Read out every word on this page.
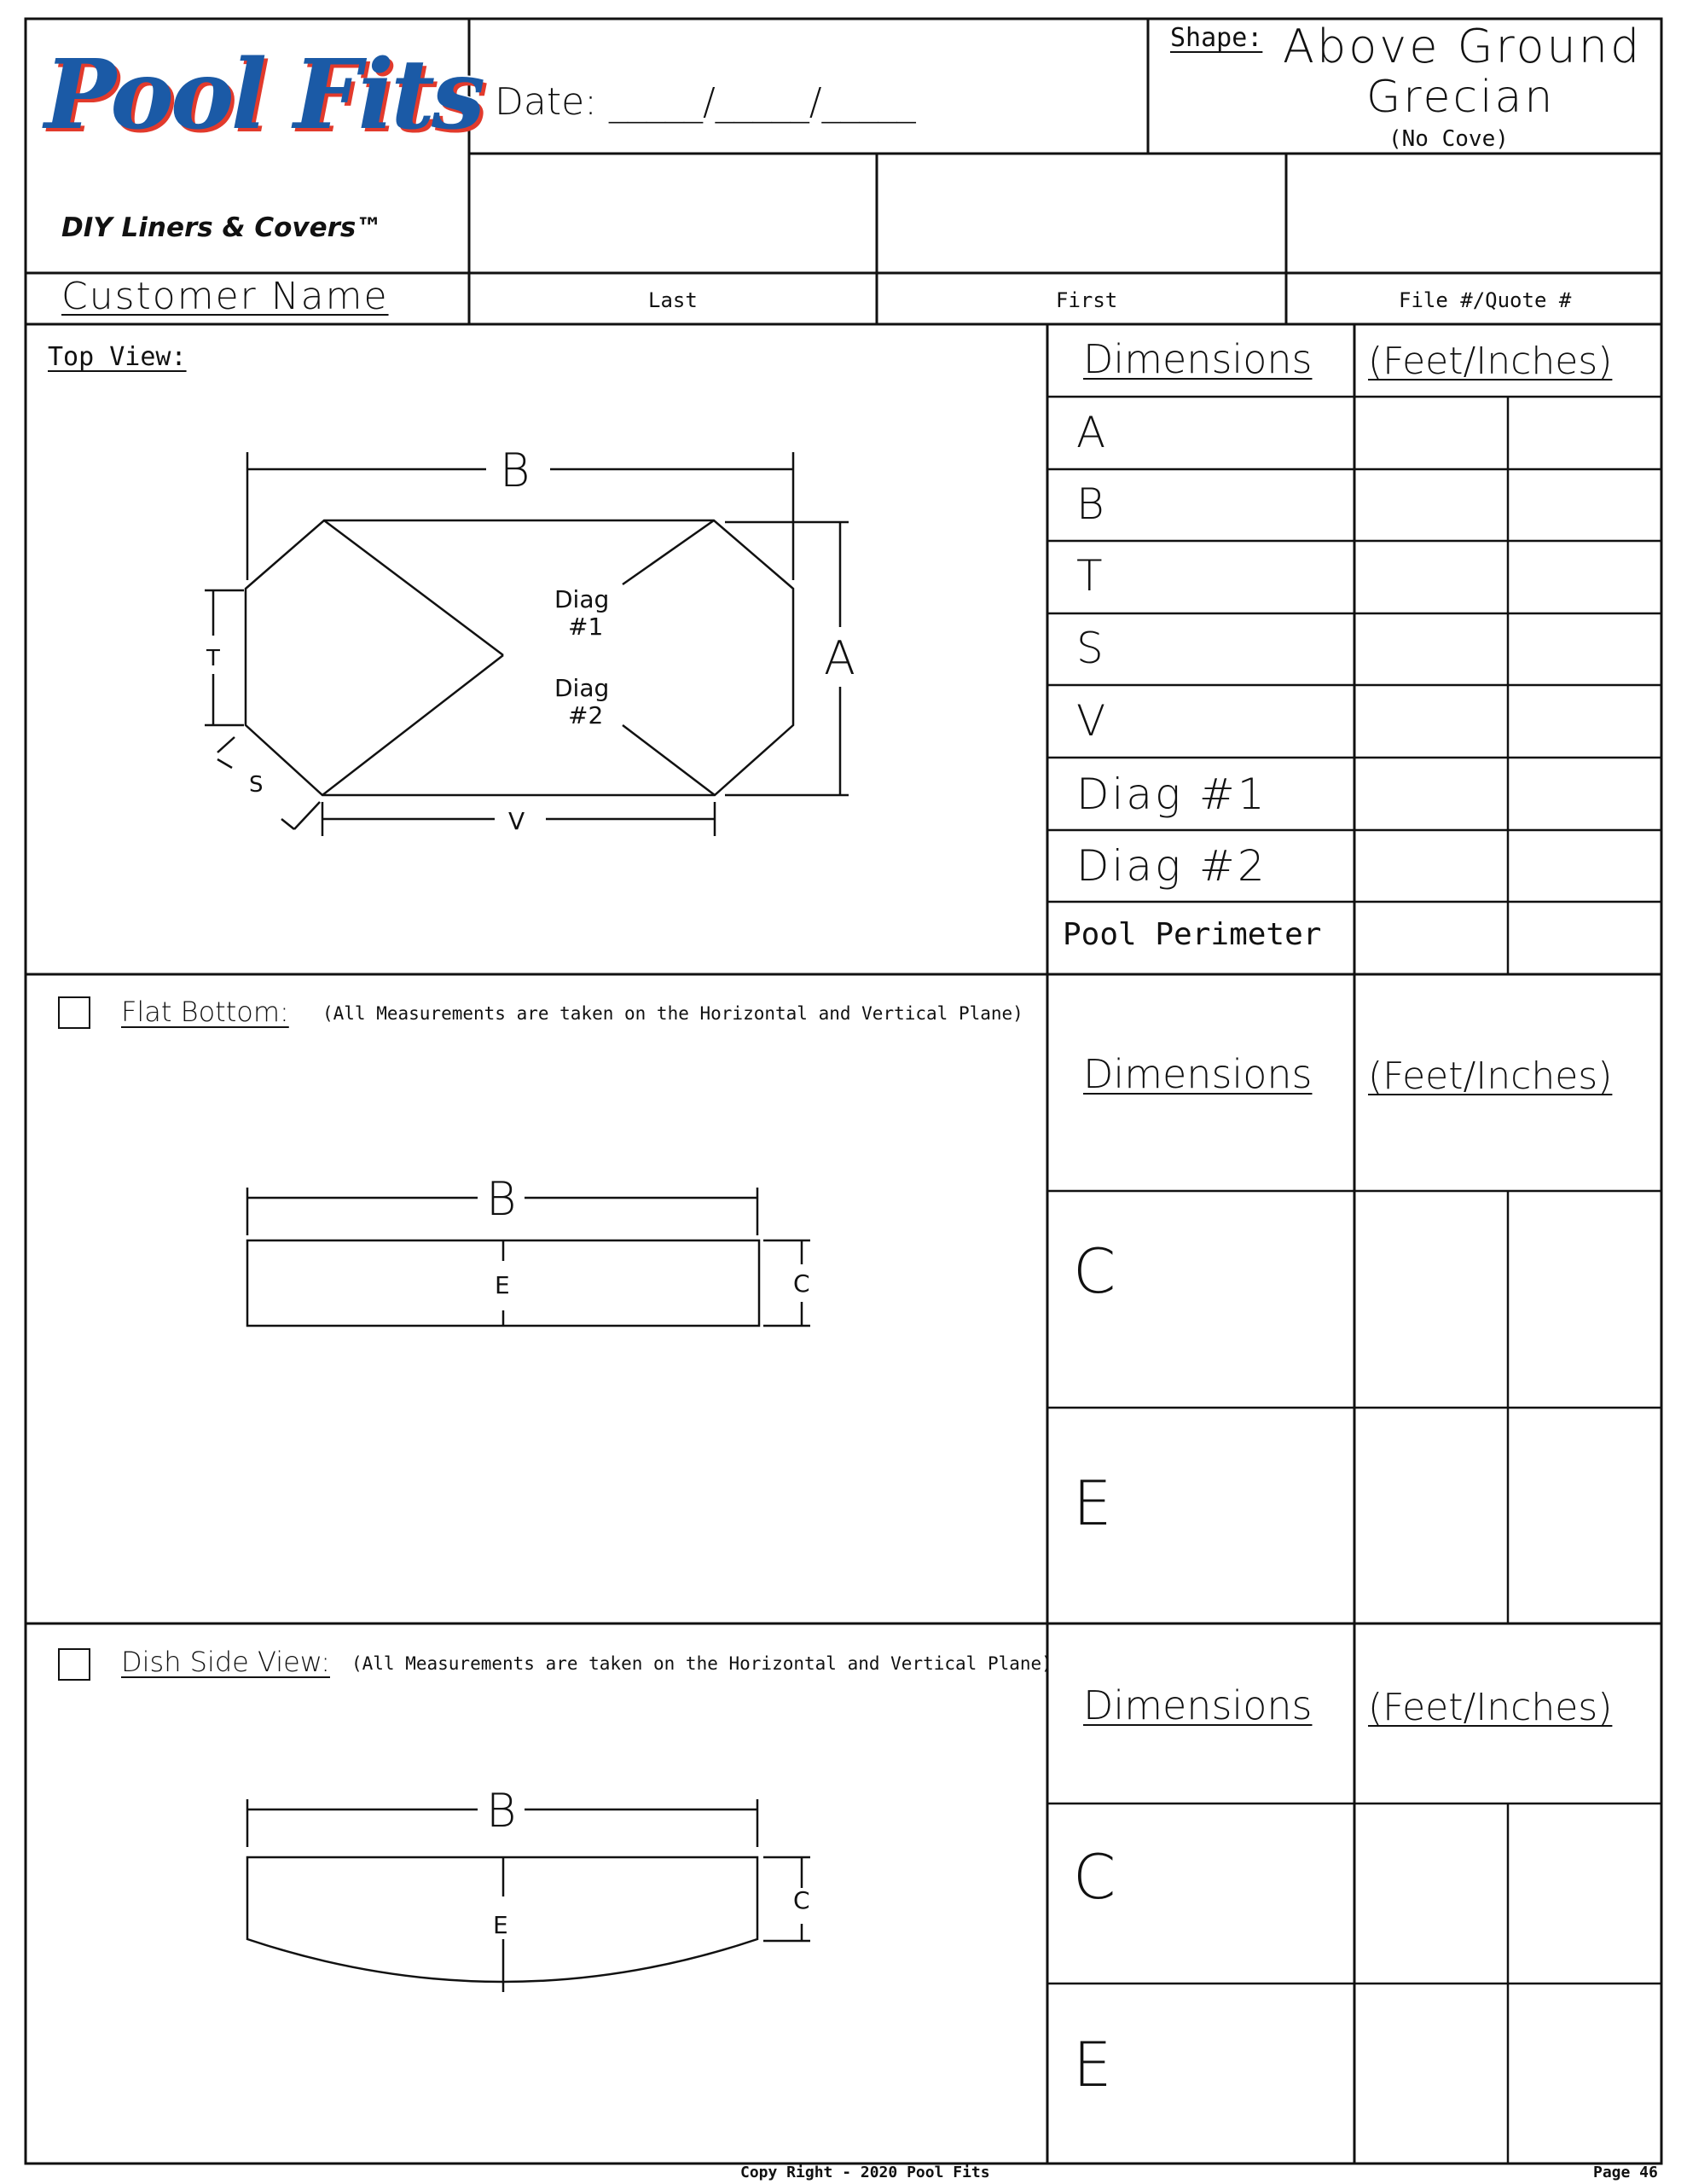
Pool Fits
DIY Liners & Covers™
Date: _____/_____/_____
Shape: Above Ground
Grecian
(No Cove)
Customer Name	Last	First	File #/Quote #
Top View:
B
A
T
S
V
Diag
#1
Diag
#2
Dimensions (Feet/Inches)
A
B
T
S
V
Diag #1
Diag #2
Pool Perimeter
Flat Bottom: (All Measurements are taken on the Horizontal and Vertical Plane)
B
E	C
Dimensions (Feet/Inches)
C
E
Dish Side View: (All Measurements are taken on the Horizontal and Vertical Plane)
B
E
C
Dimensions (Feet/Inches)
C
E
Copy Right - 2020 Pool Fits	Page 46
